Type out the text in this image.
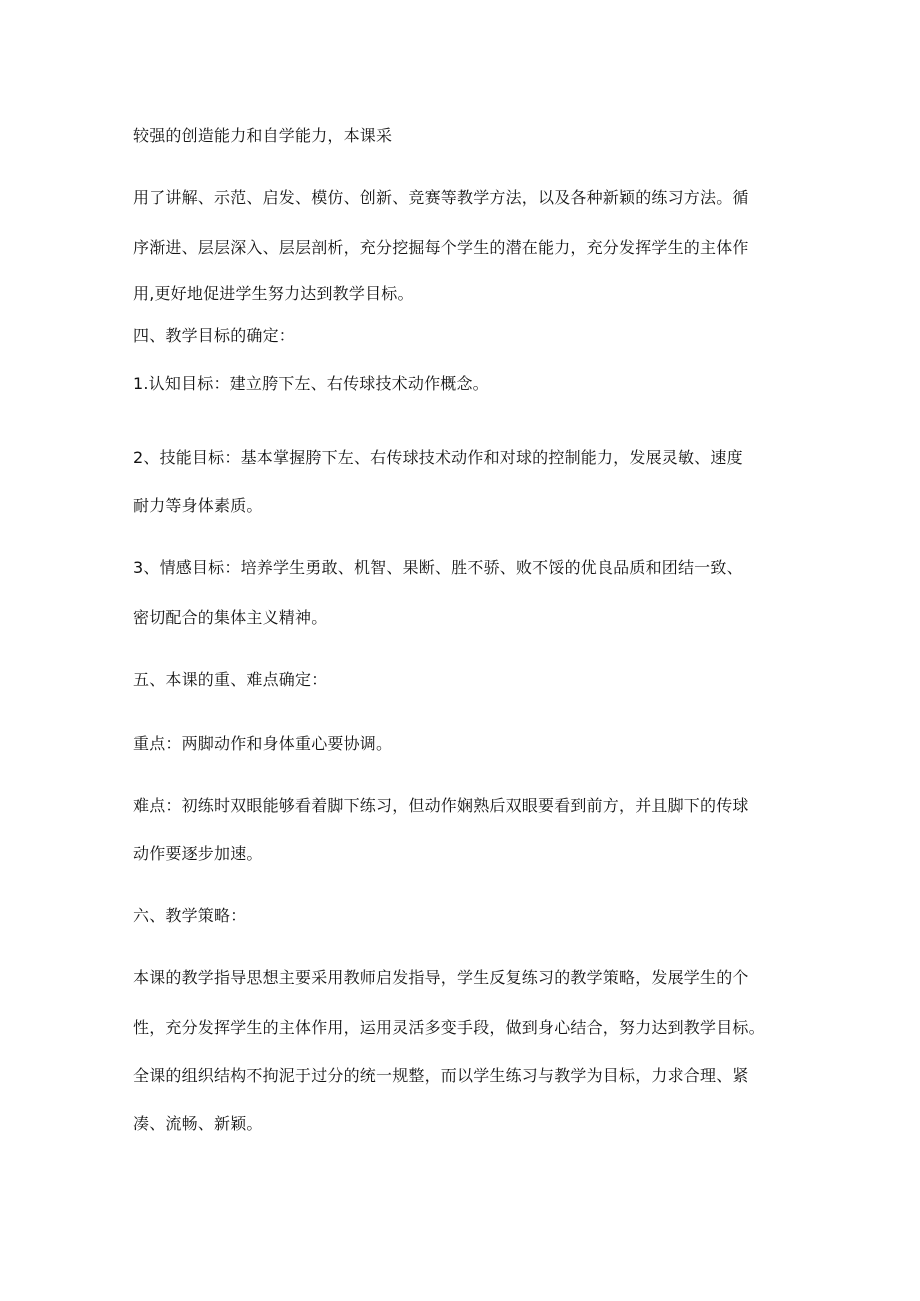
较强的创造能力和自学能力，本课采
用了讲解、示范、启发、模仿、创新、竞赛等教学方法，以及各种新颖的练习方法。循
序渐进、层层深入、层层剖析，充分挖掘每个学生的潜在能力，充分发挥学生的主体作
用,更好地促进学生努力达到教学目标。
四、教学目标的确定：
1.认知目标：建立胯下左、右传球技术动作概念。
2、技能目标：基本掌握胯下左、右传球技术动作和对球的控制能力，发展灵敏、速度
耐力等身体素质。
3、情感目标：培养学生勇敢、机智、果断、胜不骄、败不馁的优良品质和团结一致、
密切配合的集体主义精神。
五、本课的重、难点确定：
重点：两脚动作和身体重心要协调。
难点：初练时双眼能够看着脚下练习，但动作娴熟后双眼要看到前方，并且脚下的传球
动作要逐步加速。
六、教学策略：
本课的教学指导思想主要采用教师启发指导，学生反复练习的教学策略，发展学生的个
性，充分发挥学生的主体作用，运用灵活多变手段，做到身心结合，努力达到教学目标。
全课的组织结构不拘泥于过分的统一规整，而以学生练习与教学为目标，力求合理、紧
凑、流畅、新颖。
